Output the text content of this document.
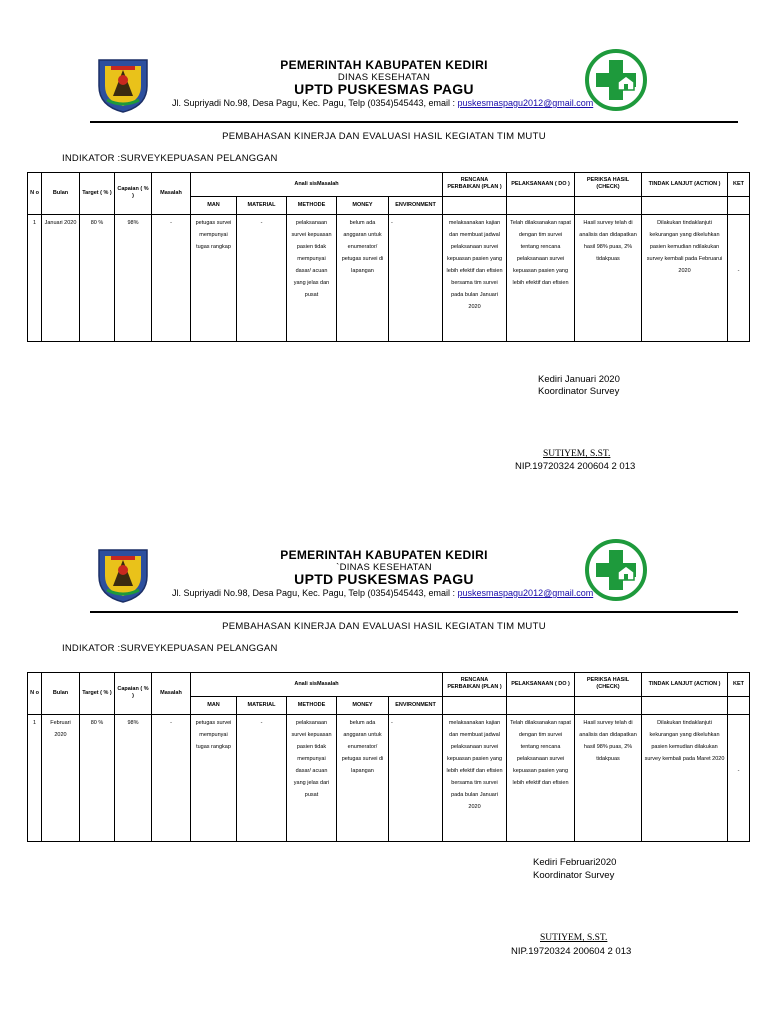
PEMERINTAH KABUPATEN KEDIRI
DINAS KESEHATAN
UPTD PUSKESMAS PAGU
Jl. Supriyadi No.98, Desa Pagu, Kec. Pagu, Telp (0354)545443, email : puskesmaspagu2012@gmail.com
PEMBAHASAN KINERJA DAN EVALUASI HASIL KEGIATAN TIM MUTU
INDIKATOR :SURVEYKEPUASAN PELANGGAN
N o	Bulan	Target ( % )	Capaian ( % )	Masalah	Anali sisMasalah					RENCANA PERBAIKAN (PLAN )	PELAKSANAAN ( DO )	PERIKSA HASIL (CHECK)	TINDAK LANJUT (ACTION )	KET
					MAN	MATERIAL	METHODE	MONEY	ENVIRONMENT					
1	Januari 2020	80 %	98%	-	petugas survei mempunyai tugas rangkap	-	pelaksanaan survei kepuasan pasien tidak mempunyai dasar/ acuan yang jelas dan pusat	belum ada anggaran untuk enumerator/ petugas survei di lapangan	-	melaksanakan kajian dan membuat jadwal pelaksanaan survei kepuasan pasien yang lebih efektif dan efisien bersama tim survei pada bulan Januari 2020	Telah dilaksanakan rapat dengan tim survei tentang rencana pelaksanaan survei kepuasan pasien yang lebih efektif dan efisien	Hasil survey telah di analisis dan didapatkan hasil 98% puas, 2% tidakpuas	Dilakukan tindaklanjuti kekurangan yang dikeluhkan pasien kemudian ndilakukan survey kembali pada Februarui 2020	-
Kediri Januari 2020
Koordinator Survey
SUTIYEM, S.ST.
NIP.19720324 200604 2 013
PEMERINTAH KABUPATEN KEDIRI
`DINAS KESEHATAN
UPTD PUSKESMAS PAGU
Jl. Supriyadi No.98, Desa Pagu, Kec. Pagu, Telp (0354)545443, email : puskesmaspagu2012@gmail.com
PEMBAHASAN KINERJA DAN EVALUASI HASIL KEGIATAN TIM MUTU
INDIKATOR :SURVEYKEPUASAN PELANGGAN
N o	Bulan	Target ( % )	Capaian ( % )	Masalah	Anali sisMasalah					RENCANA PERBAIKAN (PLAN )	PELAKSANAAN ( DO )	PERIKSA HASIL (CHECK)	TINDAK LANJUT (ACTION )	KET
					MAN	MATERIAL	METHODE	MONEY	ENVIRONMENT					
1	Februari 2020	80 %	98%	-	petugas survei mempunyai tugas rangkap	-	pelaksanaan survei kepuasan pasien tidak mempunyai dasar/ acuan yang jelas dari pusat	belum ada anggaran untuk enumerator/ petugas survei di lapangan	-	melaksanakan kajian dan membuat jadwal pelaksanaan survei kepuasan pasien yang lebih efektif dan efisien bersama tim survei pada bulan Januari 2020	Telah dilaksanakan rapat dengan tim survei tentang rencana pelaksanaan survei kepuasan pasien yang lebih efektif dan efisien	Hasil survey telah di analisis dan didapatkan hasil 98% puas, 2% tidakpuas	Dilakukan tindaklanjuti kekurangan yang dikeluhkan pasien kemudian dilakukan survey kembali pada Maret 2020	-
Kediri Februari2020
Koordinator Survey
SUTIYEM, S.ST.
NIP.19720324 200604 2 013
